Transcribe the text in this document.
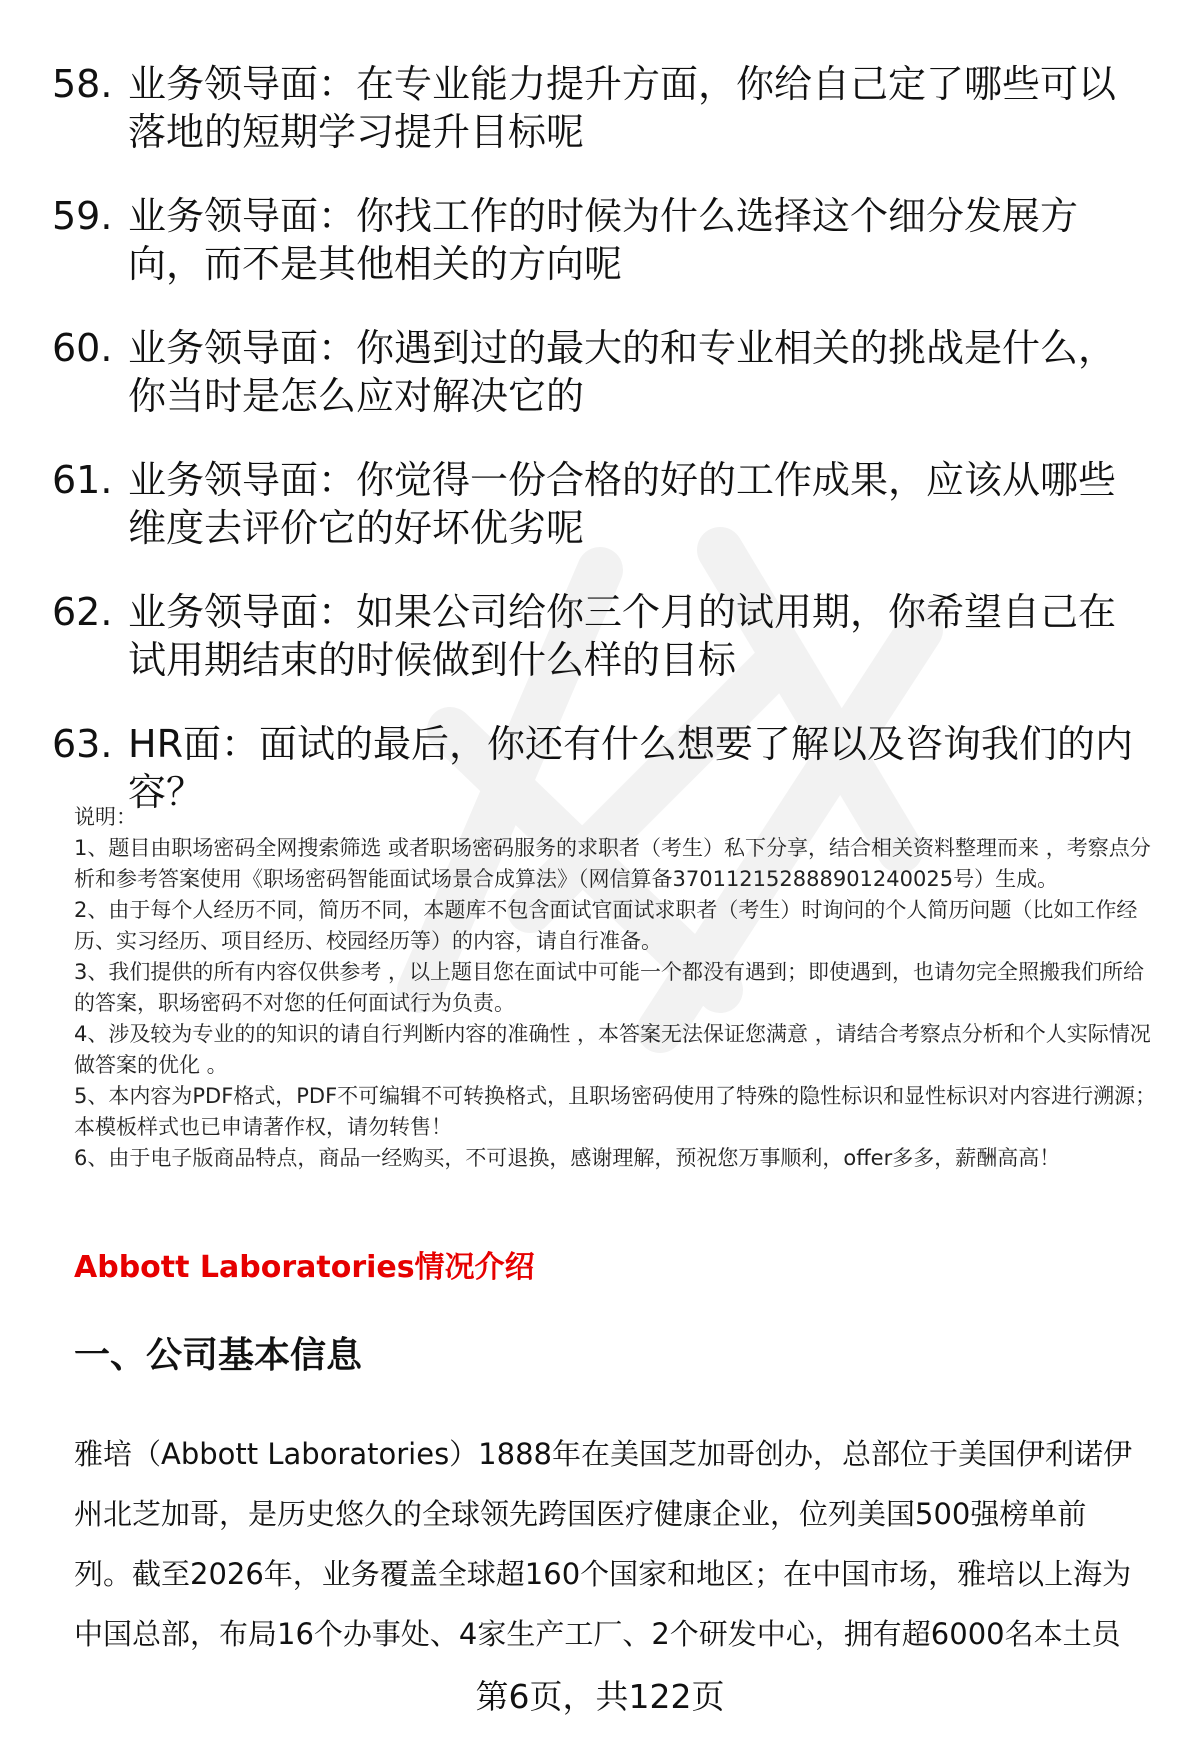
58. 业务领导面：在专业能力提升方面，你给自己定了哪些可以落地的短期学习提升目标呢
59. 业务领导面：你找工作的时候为什么选择这个细分发展方向，而不是其他相关的方向呢
60. 业务领导面：你遇到过的最大的和专业相关的挑战是什么，你当时是怎么应对解决它的
61. 业务领导面：你觉得一份合格的好的工作成果，应该从哪些维度去评价它的好坏优劣呢
62. 业务领导面：如果公司给你三个月的试用期，你希望自己在试用期结束的时候做到什么样的目标
63. HR面：面试的最后，你还有什么想要了解以及咨询我们的内容？

说明：

1、题目由职场密码全网搜索筛选 或者职场密码服务的求职者（考生）私下分享，结合相关资料整理而来 ，考察点分析和参考答案使用《职场密码智能面试场景合成算法》（网信算备370112152888901240025号）生成。

2、由于每个人经历不同，简历不同，本题库不包含面试官面试求职者（考生）时询问的个人简历问题（比如工作经历、实习经历、项目经历、校园经历等）的内容，请自行准备。

3、我们提供的所有内容仅供参考 ，以上题目您在面试中可能一个都没有遇到；即使遇到，也请勿完全照搬我们所给的答案，职场密码不对您的任何面试行为负责。

4、涉及较为专业的的知识的请自行判断内容的准确性 ，本答案无法保证您满意 ，请结合考察点分析和个人实际情况做答案的优化 。

5、本内容为PDF格式，PDF不可编辑不可转换格式，且职场密码使用了特殊的隐性标识和显性标识对内容进行溯源；本模板样式也已申请著作权，请勿转售！

6、由于电子版商品特点，商品一经购买，不可退换，感谢理解，预祝您万事顺利，offer多多，薪酬高高！

Abbott Laboratories情况介绍
一、公司基本信息

雅培（Abbott Laboratories）1888年在美国芝加哥创办，总部位于美国伊利诺伊州北芝加哥，是历史悠久的全球领先跨国医疗健康企业，位列美国500强榜单前列。截至2026年，业务覆盖全球超160个国家和地区；在中国市场，雅培以上海为中国总部，布局16个办事处、4家生产工厂、2个研发中心，拥有超6000名本土员

第6页，共122页
